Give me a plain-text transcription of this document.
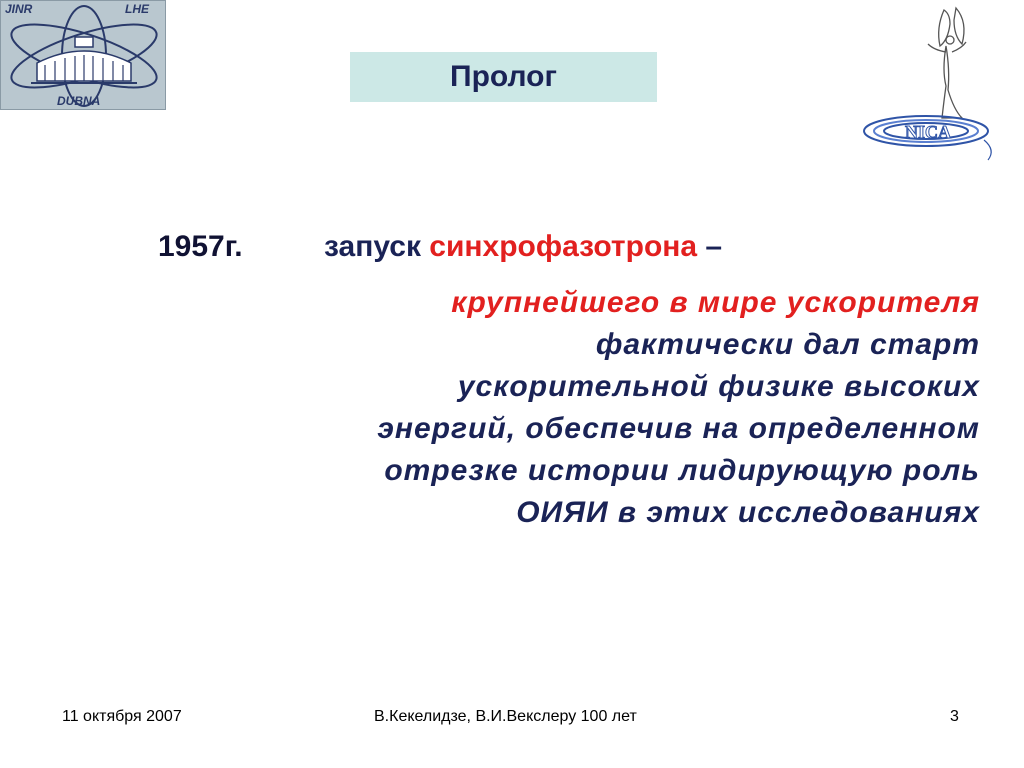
JINR	LHE
DUBNA
NICA
Пролог
1957г.	запуск синхрофазотрона –
крупнейшего в мире ускорителя
фактически дал старт
ускорительной физике высоких
энергий, обеспечив на определенном
отрезке истории лидирующую роль
ОИЯИ в этих исследованиях
11 октября 2007	В.Кекелидзе, В.И.Векслеру 100 лет	3
